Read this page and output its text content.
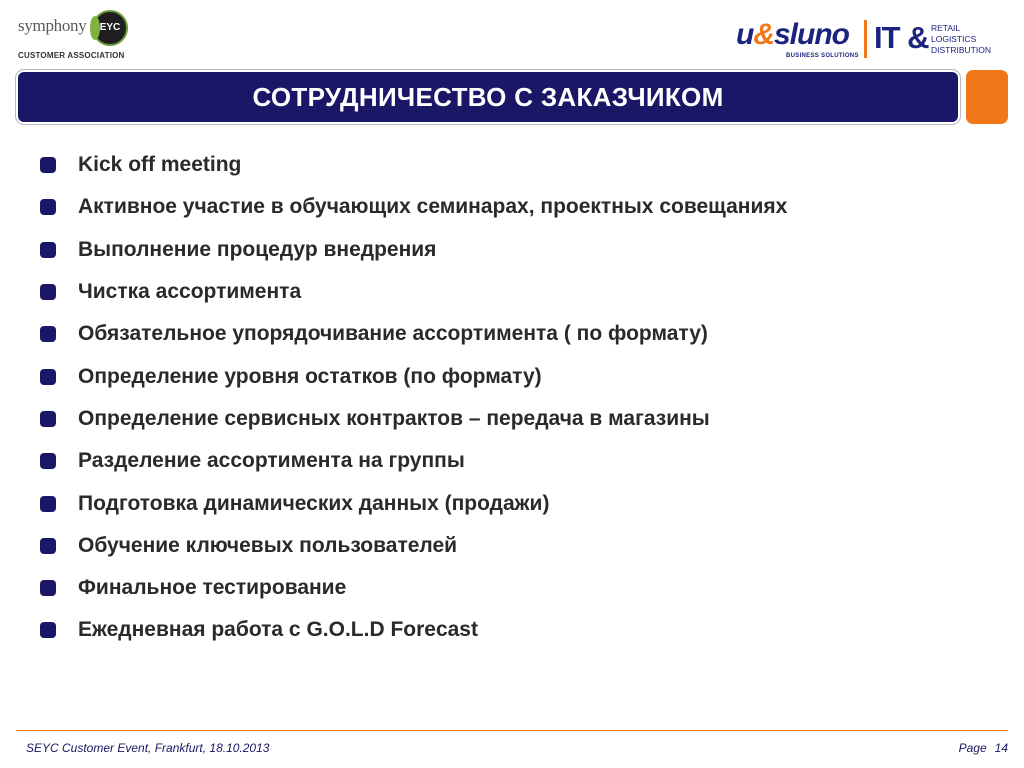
symphony	EYC
CUSTOMER ASSOCIATION
u&sluno
BUSINESS SOLUTIONS
IT & RETAIL
LOGISTICS
DISTRIBUTION
СОТРУДНИЧЕСТВО С ЗАКАЗЧИКОМ
Kick off meeting
Активное участие в обучающих семинарах, проектных совещаниях
Выполнение процедур внедрения
Чистка ассортимента
Обязательное упорядочивание ассортимента ( по формату)
Определение уровня остатков (по формату)
Определение сервисных контрактов – передача в магазины
Разделение ассортимента на группы
Подготовка динамических данных (продажи)
Обучение ключевых пользователей
Финальное тестирование
Ежедневная работа с G.O.L.D Forecast
SEYC Customer Event, Frankfurt, 18.10.2013	Page 14
